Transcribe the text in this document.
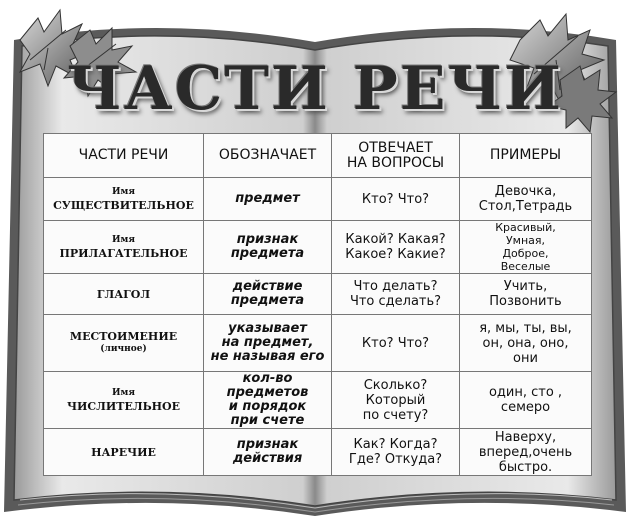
ЧАСТИ РЕЧИ
ЧАСТИ РЕЧИ	ОБОЗНАЧАЕТ	ОТВЕЧАЕТ
НА ВОПРОСЫ	ПРИМЕРЫ

Имя
СУЩЕСТВИТЕЛЬНОЕ	предмет	Кто? Что?	Девочка,
Стол,Тетрадь

Имя
ПРИЛАГАТЕЛЬНОЕ	признак
предмета	Какой? Какая?
Какое? Какие?	Красивый,
Умная,
Доброе,
Веселые

ГЛАГОЛ	действие
предмета	Что делать?
Что сделать?	Учить,
Позвонить

МЕСТОИМЕНИЕ
(личное)	указывает
на предмет,
не называя его	Кто? Что?	я, мы, ты, вы,
он, она, оно,
они

Имя
ЧИСЛИТЕЛЬНОЕ	кол-во
предметов
и порядок
при счете	Сколько?
Который
по счету?	один, сто ,
семеро

НАРЕЧИЕ	признак
действия	Как? Когда?
Где? Откуда?	Наверху,
вперед,очень
быстро.
